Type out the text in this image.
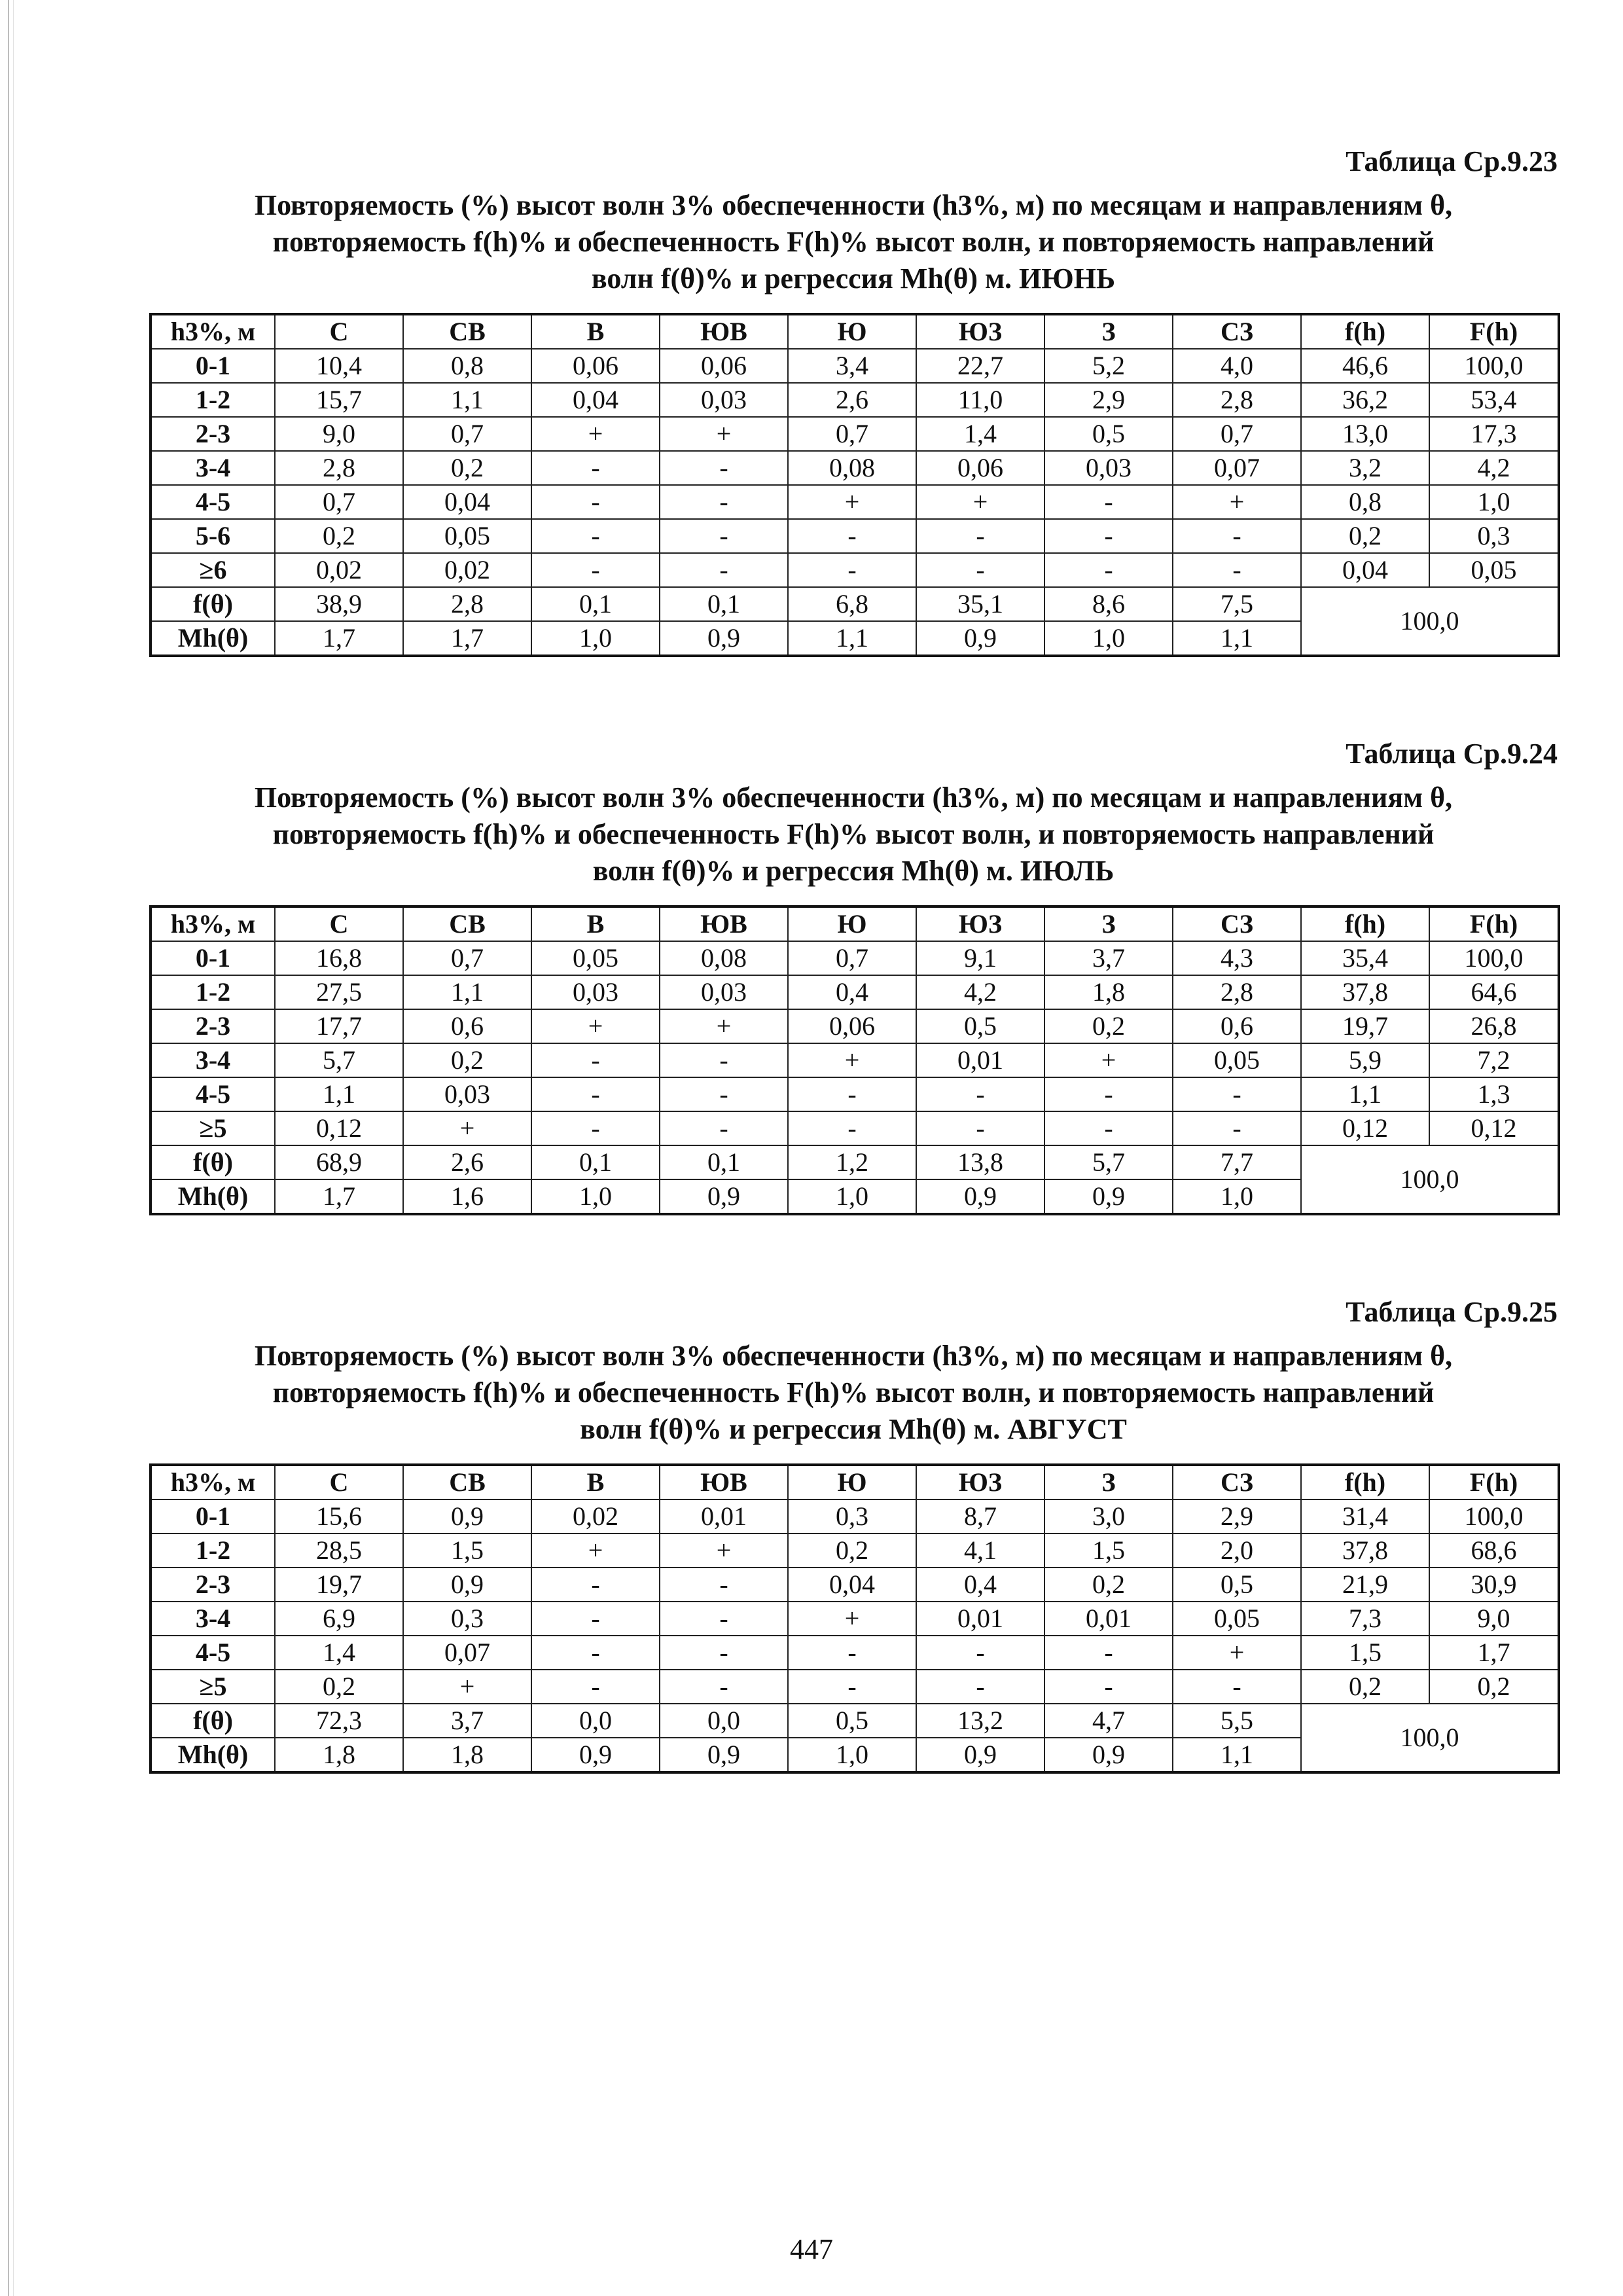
Таблица Ср.9.23

Повторяемость (%) высот волн 3% обеспеченности (h3%, м) по месяцам и направлениям θ,
повторяемость f(h)% и обеспеченность F(h)% высот волн, и повторяемость направлений
волн f(θ)% и регрессия Mh(θ) м. ИЮНЬ

h3%, м	С	СВ	В	ЮВ	Ю	ЮЗ	З	СЗ	f(h)	F(h)
0-1	10,4	0,8	0,06	0,06	3,4	22,7	5,2	4,0	46,6	100,0
1-2	15,7	1,1	0,04	0,03	2,6	11,0	2,9	2,8	36,2	53,4
2-3	9,0	0,7	+	+	0,7	1,4	0,5	0,7	13,0	17,3
3-4	2,8	0,2	-	-	0,08	0,06	0,03	0,07	3,2	4,2
4-5	0,7	0,04	-	-	+	+	-	+	0,8	1,0
5-6	0,2	0,05	-	-	-	-	-	-	0,2	0,3
≥6	0,02	0,02	-	-	-	-	-	-	0,04	0,05
f(θ)	38,9	2,8	0,1	0,1	6,8	35,1	8,6	7,5	100,0	
Mh(θ)	1,7	1,7	1,0	0,9	1,1	0,9	1,0	1,1		

Таблица Ср.9.24

Повторяемость (%) высот волн 3% обеспеченности (h3%, м) по месяцам и направлениям θ,
повторяемость f(h)% и обеспеченность F(h)% высот волн, и повторяемость направлений
волн f(θ)% и регрессия Mh(θ) м. ИЮЛЬ

h3%, м	С	СВ	В	ЮВ	Ю	ЮЗ	З	СЗ	f(h)	F(h)
0-1	16,8	0,7	0,05	0,08	0,7	9,1	3,7	4,3	35,4	100,0
1-2	27,5	1,1	0,03	0,03	0,4	4,2	1,8	2,8	37,8	64,6
2-3	17,7	0,6	+	+	0,06	0,5	0,2	0,6	19,7	26,8
3-4	5,7	0,2	-	-	+	0,01	+	0,05	5,9	7,2
4-5	1,1	0,03	-	-	-	-	-	-	1,1	1,3
≥5	0,12	+	-	-	-	-	-	-	0,12	0,12
f(θ)	68,9	2,6	0,1	0,1	1,2	13,8	5,7	7,7	100,0	
Mh(θ)	1,7	1,6	1,0	0,9	1,0	0,9	0,9	1,0		

Таблица Ср.9.25

Повторяемость (%) высот волн 3% обеспеченности (h3%, м) по месяцам и направлениям θ,
повторяемость f(h)% и обеспеченность F(h)% высот волн, и повторяемость направлений
волн f(θ)% и регрессия Mh(θ) м. АВГУСТ

h3%, м	С	СВ	В	ЮВ	Ю	ЮЗ	З	СЗ	f(h)	F(h)
0-1	15,6	0,9	0,02	0,01	0,3	8,7	3,0	2,9	31,4	100,0
1-2	28,5	1,5	+	+	0,2	4,1	1,5	2,0	37,8	68,6
2-3	19,7	0,9	-	-	0,04	0,4	0,2	0,5	21,9	30,9
3-4	6,9	0,3	-	-	+	0,01	0,01	0,05	7,3	9,0
4-5	1,4	0,07	-	-	-	-	-	+	1,5	1,7
≥5	0,2	+	-	-	-	-	-	-	0,2	0,2
f(θ)	72,3	3,7	0,0	0,0	0,5	13,2	4,7	5,5	100,0	
Mh(θ)	1,8	1,8	0,9	0,9	1,0	0,9	0,9	1,1		
447
